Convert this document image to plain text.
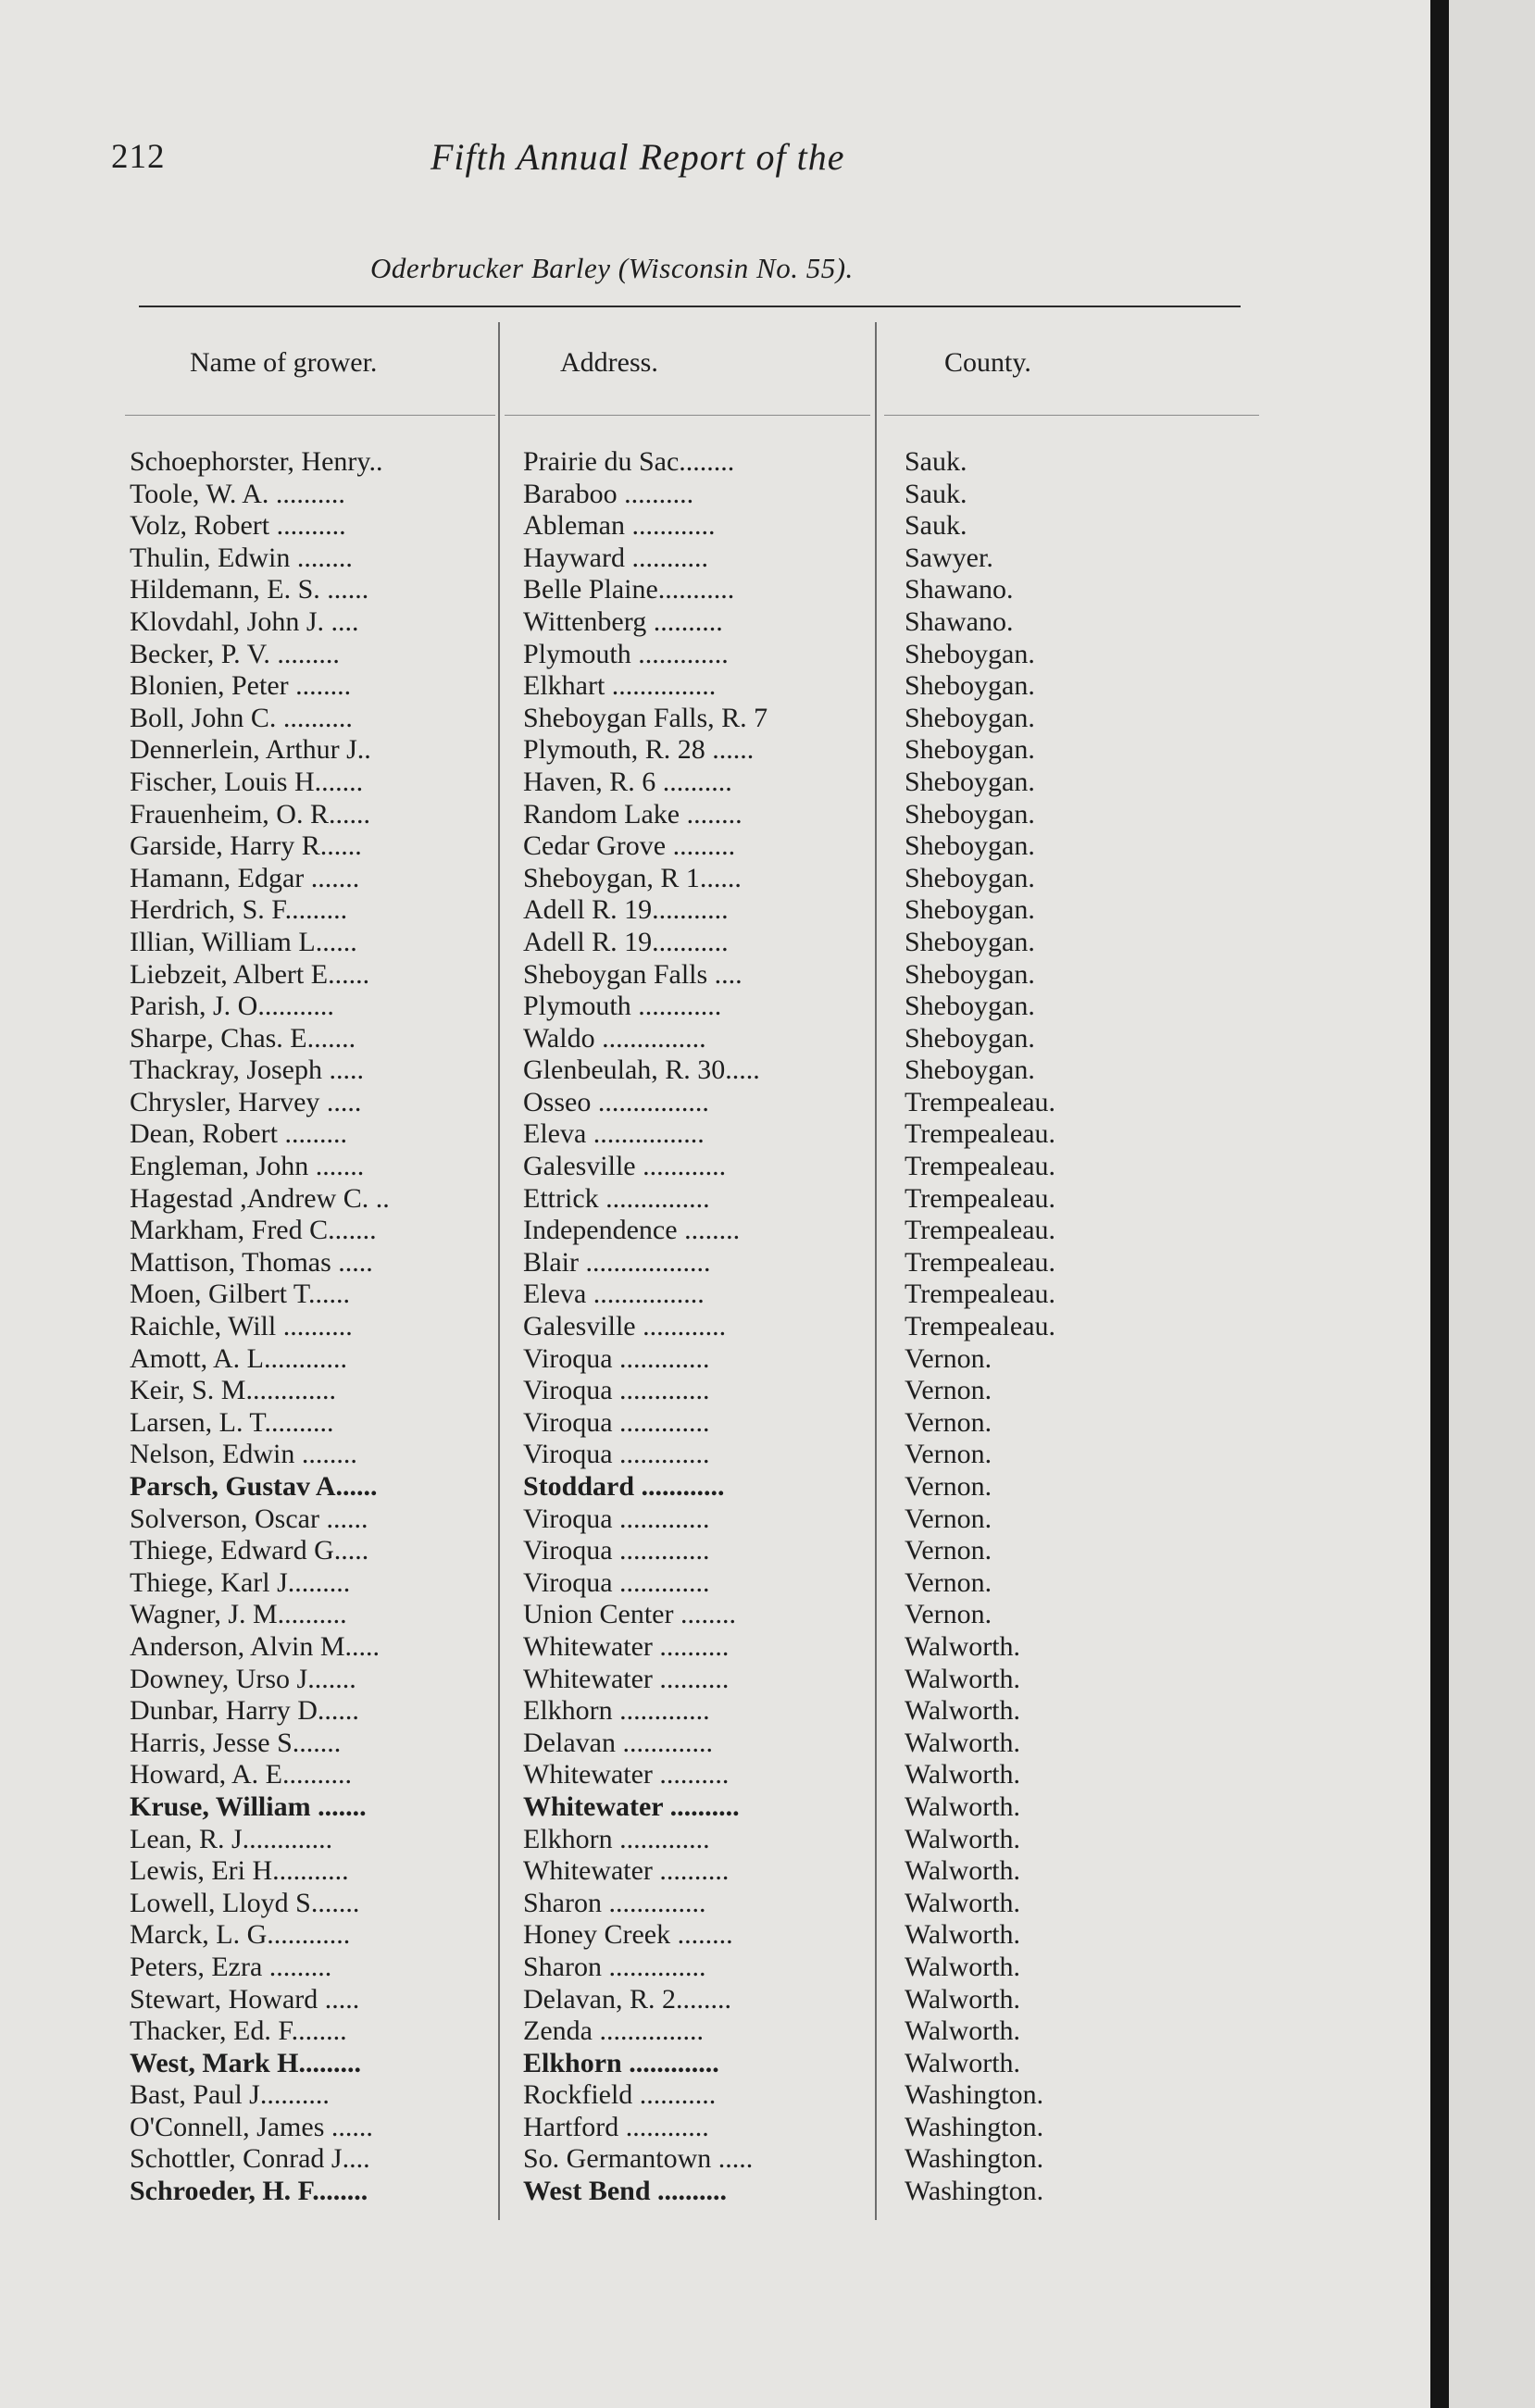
212	Fifth Annual Report of the
Oderbrucker Barley (Wisconsin No. 55).
Name of grower.	Address.	County.
Schoephorster, Henry..	Prairie du Sac........	Sauk.
Toole, W. A. ..........	Baraboo ..........	Sauk.
Volz, Robert ..........	Ableman ............	Sauk.
Thulin, Edwin ........	Hayward ...........	Sawyer.
Hildemann, E. S. ......	Belle Plaine...........	Shawano.
Klovdahl, John J. ....	Wittenberg ..........	Shawano.
Becker, P. V. .........	Plymouth .............	Sheboygan.
Blonien, Peter ........	Elkhart ...............	Sheboygan.
Boll, John C. ..........	Sheboygan Falls, R. 7	Sheboygan.
Dennerlein, Arthur J..	Plymouth, R. 28 ......	Sheboygan.
Fischer, Louis H.......	Haven, R. 6 ..........	Sheboygan.
Frauenheim, O. R......	Random Lake ........	Sheboygan.
Garside, Harry R......	Cedar Grove .........	Sheboygan.
Hamann, Edgar .......	Sheboygan, R 1......	Sheboygan.
Herdrich, S. F.........	Adell R. 19...........	Sheboygan.
Illian, William L......	Adell R. 19...........	Sheboygan.
Liebzeit, Albert E......	Sheboygan Falls ....	Sheboygan.
Parish, J. O...........	Plymouth ............	Sheboygan.
Sharpe, Chas. E.......	Waldo ...............	Sheboygan.
Thackray, Joseph .....	Glenbeulah, R. 30.....	Sheboygan.
Chrysler, Harvey .....	Osseo ................	Trempealeau.
Dean, Robert .........	Eleva ................	Trempealeau.
Engleman, John .......	Galesville ............	Trempealeau.
Hagestad ,Andrew C. ..	Ettrick ...............	Trempealeau.
Markham, Fred C.......	Independence ........	Trempealeau.
Mattison, Thomas .....	Blair ..................	Trempealeau.
Moen, Gilbert T......	Eleva ................	Trempealeau.
Raichle, Will ..........	Galesville ............	Trempealeau.
Amott, A. L............	Viroqua .............	Vernon.
Keir, S. M.............	Viroqua .............	Vernon.
Larsen, L. T..........	Viroqua .............	Vernon.
Nelson, Edwin ........	Viroqua .............	Vernon.
Parsch, Gustav A......	Stoddard ............	Vernon.
Solverson, Oscar ......	Viroqua .............	Vernon.
Thiege, Edward G.....	Viroqua .............	Vernon.
Thiege, Karl J.........	Viroqua .............	Vernon.
Wagner, J. M..........	Union Center ........	Vernon.
Anderson, Alvin M.....	Whitewater ..........	Walworth.
Downey, Urso J.......	Whitewater ..........	Walworth.
Dunbar, Harry D......	Elkhorn .............	Walworth.
Harris, Jesse S.......	Delavan .............	Walworth.
Howard, A. E..........	Whitewater ..........	Walworth.
Kruse, William .......	Whitewater ..........	Walworth.
Lean, R. J.............	Elkhorn .............	Walworth.
Lewis, Eri H...........	Whitewater ..........	Walworth.
Lowell, Lloyd S.......	Sharon ..............	Walworth.
Marck, L. G............	Honey Creek ........	Walworth.
Peters, Ezra .........	Sharon ..............	Walworth.
Stewart, Howard .....	Delavan, R. 2........	Walworth.
Thacker, Ed. F........	Zenda ...............	Walworth.
West, Mark H.........	Elkhorn .............	Walworth.
Bast, Paul J..........	Rockfield ...........	Washington.
O'Connell, James ......	Hartford ............	Washington.
Schottler, Conrad J....	So. Germantown .....	Washington.
Schroeder, H. F........	West Bend ..........	Washington.
